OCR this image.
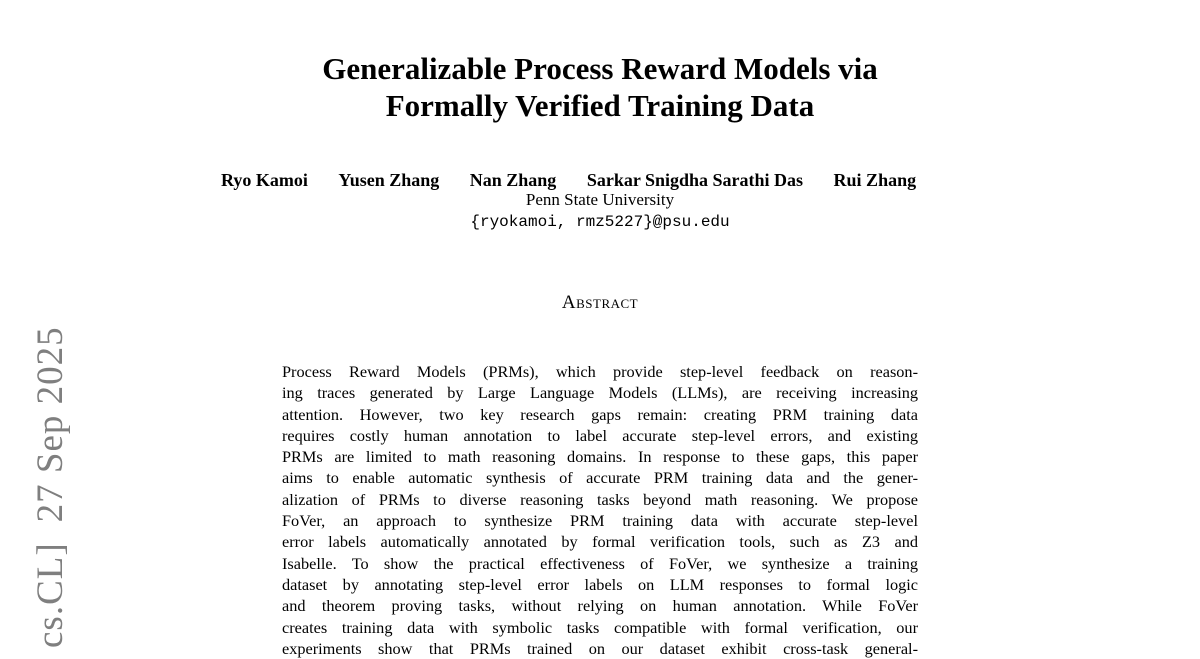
Generalizable Process Reward Models via
Formally Verified Training Data
Ryo Kamoi Yusen Zhang Nan Zhang Sarkar Snigdha Sarathi Das Rui Zhang
Penn State University
{ryokamoi, rmz5227}@psu.edu
Abstract
Process Reward Models (PRMs), which provide step-level feedback on reason-
ing traces generated by Large Language Models (LLMs), are receiving increasing
attention. However, two key research gaps remain: creating PRM training data
requires costly human annotation to label accurate step-level errors, and existing
PRMs are limited to math reasoning domains. In response to these gaps, this paper
aims to enable automatic synthesis of accurate PRM training data and the gener-
alization of PRMs to diverse reasoning tasks beyond math reasoning. We propose
FoVer, an approach to synthesize PRM training data with accurate step-level
error labels automatically annotated by formal verification tools, such as Z3 and
Isabelle. To show the practical effectiveness of FoVer, we synthesize a training
dataset by annotating step-level error labels on LLM responses to formal logic
and theorem proving tasks, without relying on human annotation. While FoVer
creates training data with symbolic tasks compatible with formal verification, our
experiments show that PRMs trained on our dataset exhibit cross-task general-
cs.CL]27 Sep 2025
